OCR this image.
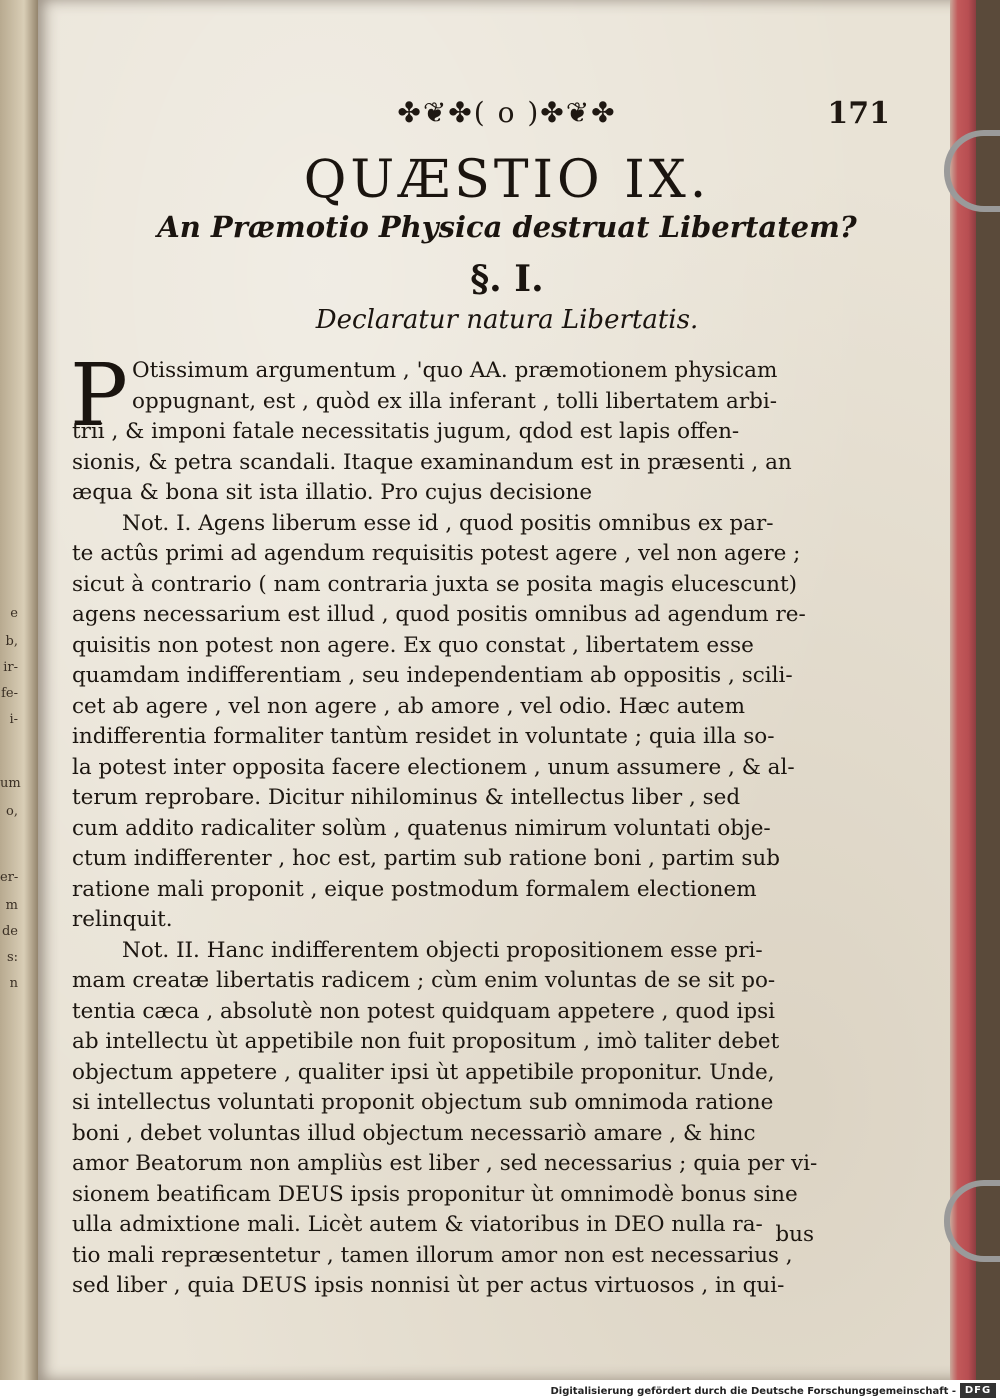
e
b,
ir-
fe-
i-
um
o,
er-
m
de
s:
n
✤❦✤( o )✤❦✤	171
QUÆSTIO IX.
An Præmotio Physica destruat Libertatem?
§. I.
Declaratur natura Libertatis.
P Otissimum argumentum , 'quo AA. præmotionem physicam
oppugnant, est , quòd ex illa inferant , tolli libertatem arbi-
trii , & imponi fatale necessitatis jugum, qdod est lapis offen-
sionis, & petra scandali. Itaque examinandum est in præsenti , an
æqua & bona sit ista illatio. Pro cujus decisione
Not. I. Agens liberum esse id , quod positis omnibus ex par-
te actûs primi ad agendum requisitis potest agere , vel non agere ;
sicut à contrario ( nam contraria juxta se posita magis elucescunt)
agens necessarium est illud , quod positis omnibus ad agendum re-
quisitis non potest non agere. Ex quo constat , libertatem esse
quamdam indifferentiam , seu independentiam ab oppositis , scili-
cet ab agere , vel non agere , ab amore , vel odio. Hæc autem
indifferentia formaliter tantùm residet in voluntate ; quia illa so-
la potest inter opposita facere electionem , unum assumere , & al-
terum reprobare. Dicitur nihilominus & intellectus liber , sed
cum addito radicaliter solùm , quatenus nimirum voluntati obje-
ctum indifferenter , hoc est, partim sub ratione boni , partim sub
ratione mali proponit , eique postmodum formalem electionem
relinquit.
Not. II. Hanc indifferentem objecti propositionem esse pri-
mam creatæ libertatis radicem ; cùm enim voluntas de se sit po-
tentia cæca , absolutè non potest quidquam appetere , quod ipsi
ab intellectu ùt appetibile non fuit propositum , imò taliter debet
objectum appetere , qualiter ipsi ùt appetibile proponitur. Unde,
si intellectus voluntati proponit objectum sub omnimoda ratione
boni , debet voluntas illud objectum necessariò amare , & hinc
amor Beatorum non ampliùs est liber , sed necessarius ; quia per vi-
sionem beatificam DEUS ipsis proponitur ùt omnimodè bonus sine
ulla admixtione mali. Licèt autem & viatoribus in DEO nulla ra-
tio mali repræsentetur , tamen illorum amor non est necessarius ,
sed liber , quia DEUS ipsis nonnisi ùt per actus virtuosos , in qui-
bus
Digitalisierung gefördert durch die Deutsche Forschungsgemeinschaft - DFG
